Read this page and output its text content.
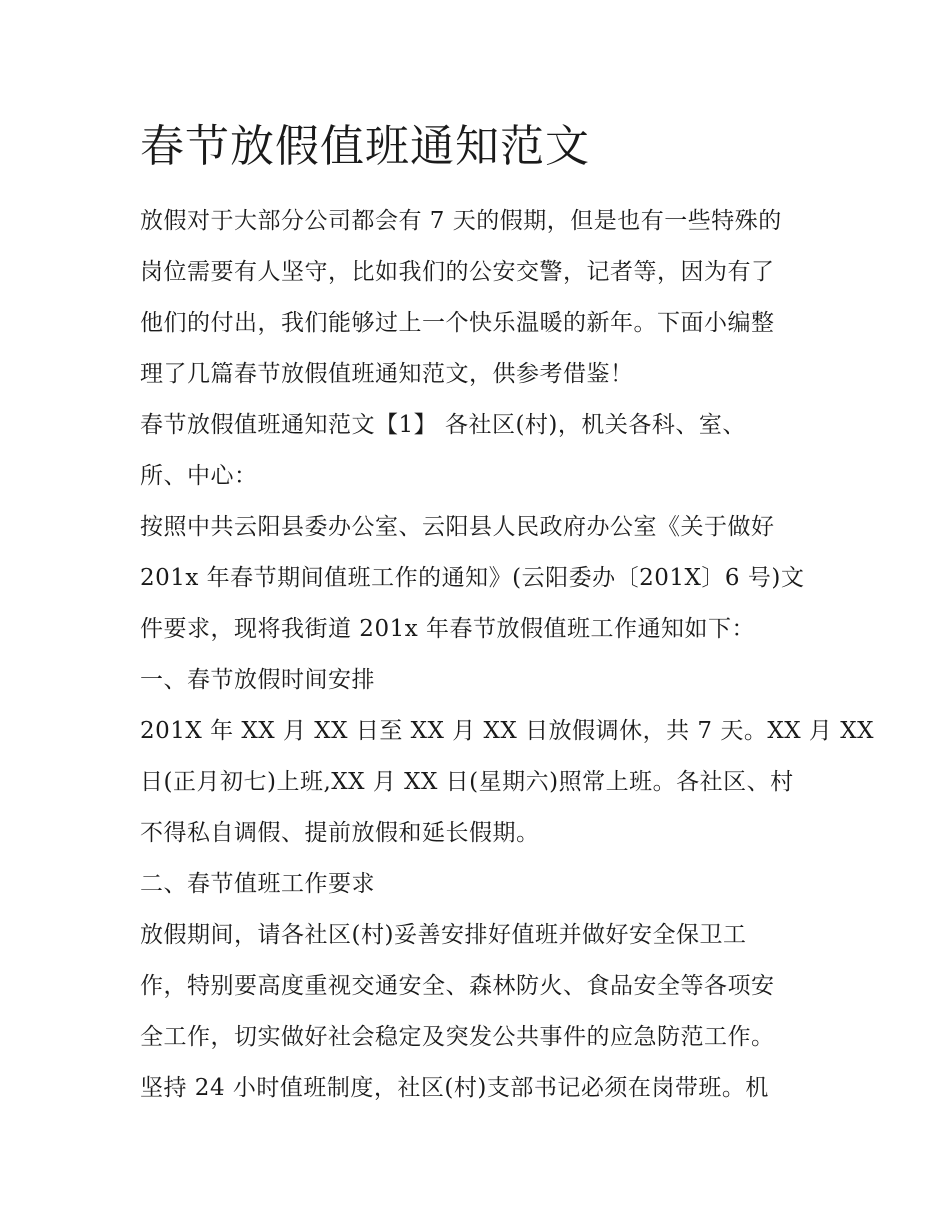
春节放假值班通知范文

放假对于大部分公司都会有 7 天的假期，但是也有一些特殊的

岗位需要有人坚守，比如我们的公安交警，记者等，因为有了

他们的付出，我们能够过上一个快乐温暖的新年。下面小编整

理了几篇春节放假值班通知范文，供参考借鉴！

春节放假值班通知范文【1】 各社区(村)，机关各科、室、

所、中心：

按照中共云阳县委办公室、云阳县人民政府办公室《关于做好

201x 年春节期间值班工作的通知》(云阳委办〔201X〕6 号)文

件要求，现将我街道 201x 年春节放假值班工作通知如下：

一、春节放假时间安排

201X 年 XX 月 XX 日至 XX 月 XX 日放假调休，共 7 天。XX 月 XX

日(正月初七)上班,XX 月 XX 日(星期六)照常上班。各社区、村

不得私自调假、提前放假和延长假期。

二、春节值班工作要求

放假期间，请各社区(村)妥善安排好值班并做好安全保卫工

作，特别要高度重视交通安全、森林防火、食品安全等各项安

全工作，切实做好社会稳定及突发公共事件的应急防范工作。

坚持 24 小时值班制度，社区(村)支部书记必须在岗带班。机
